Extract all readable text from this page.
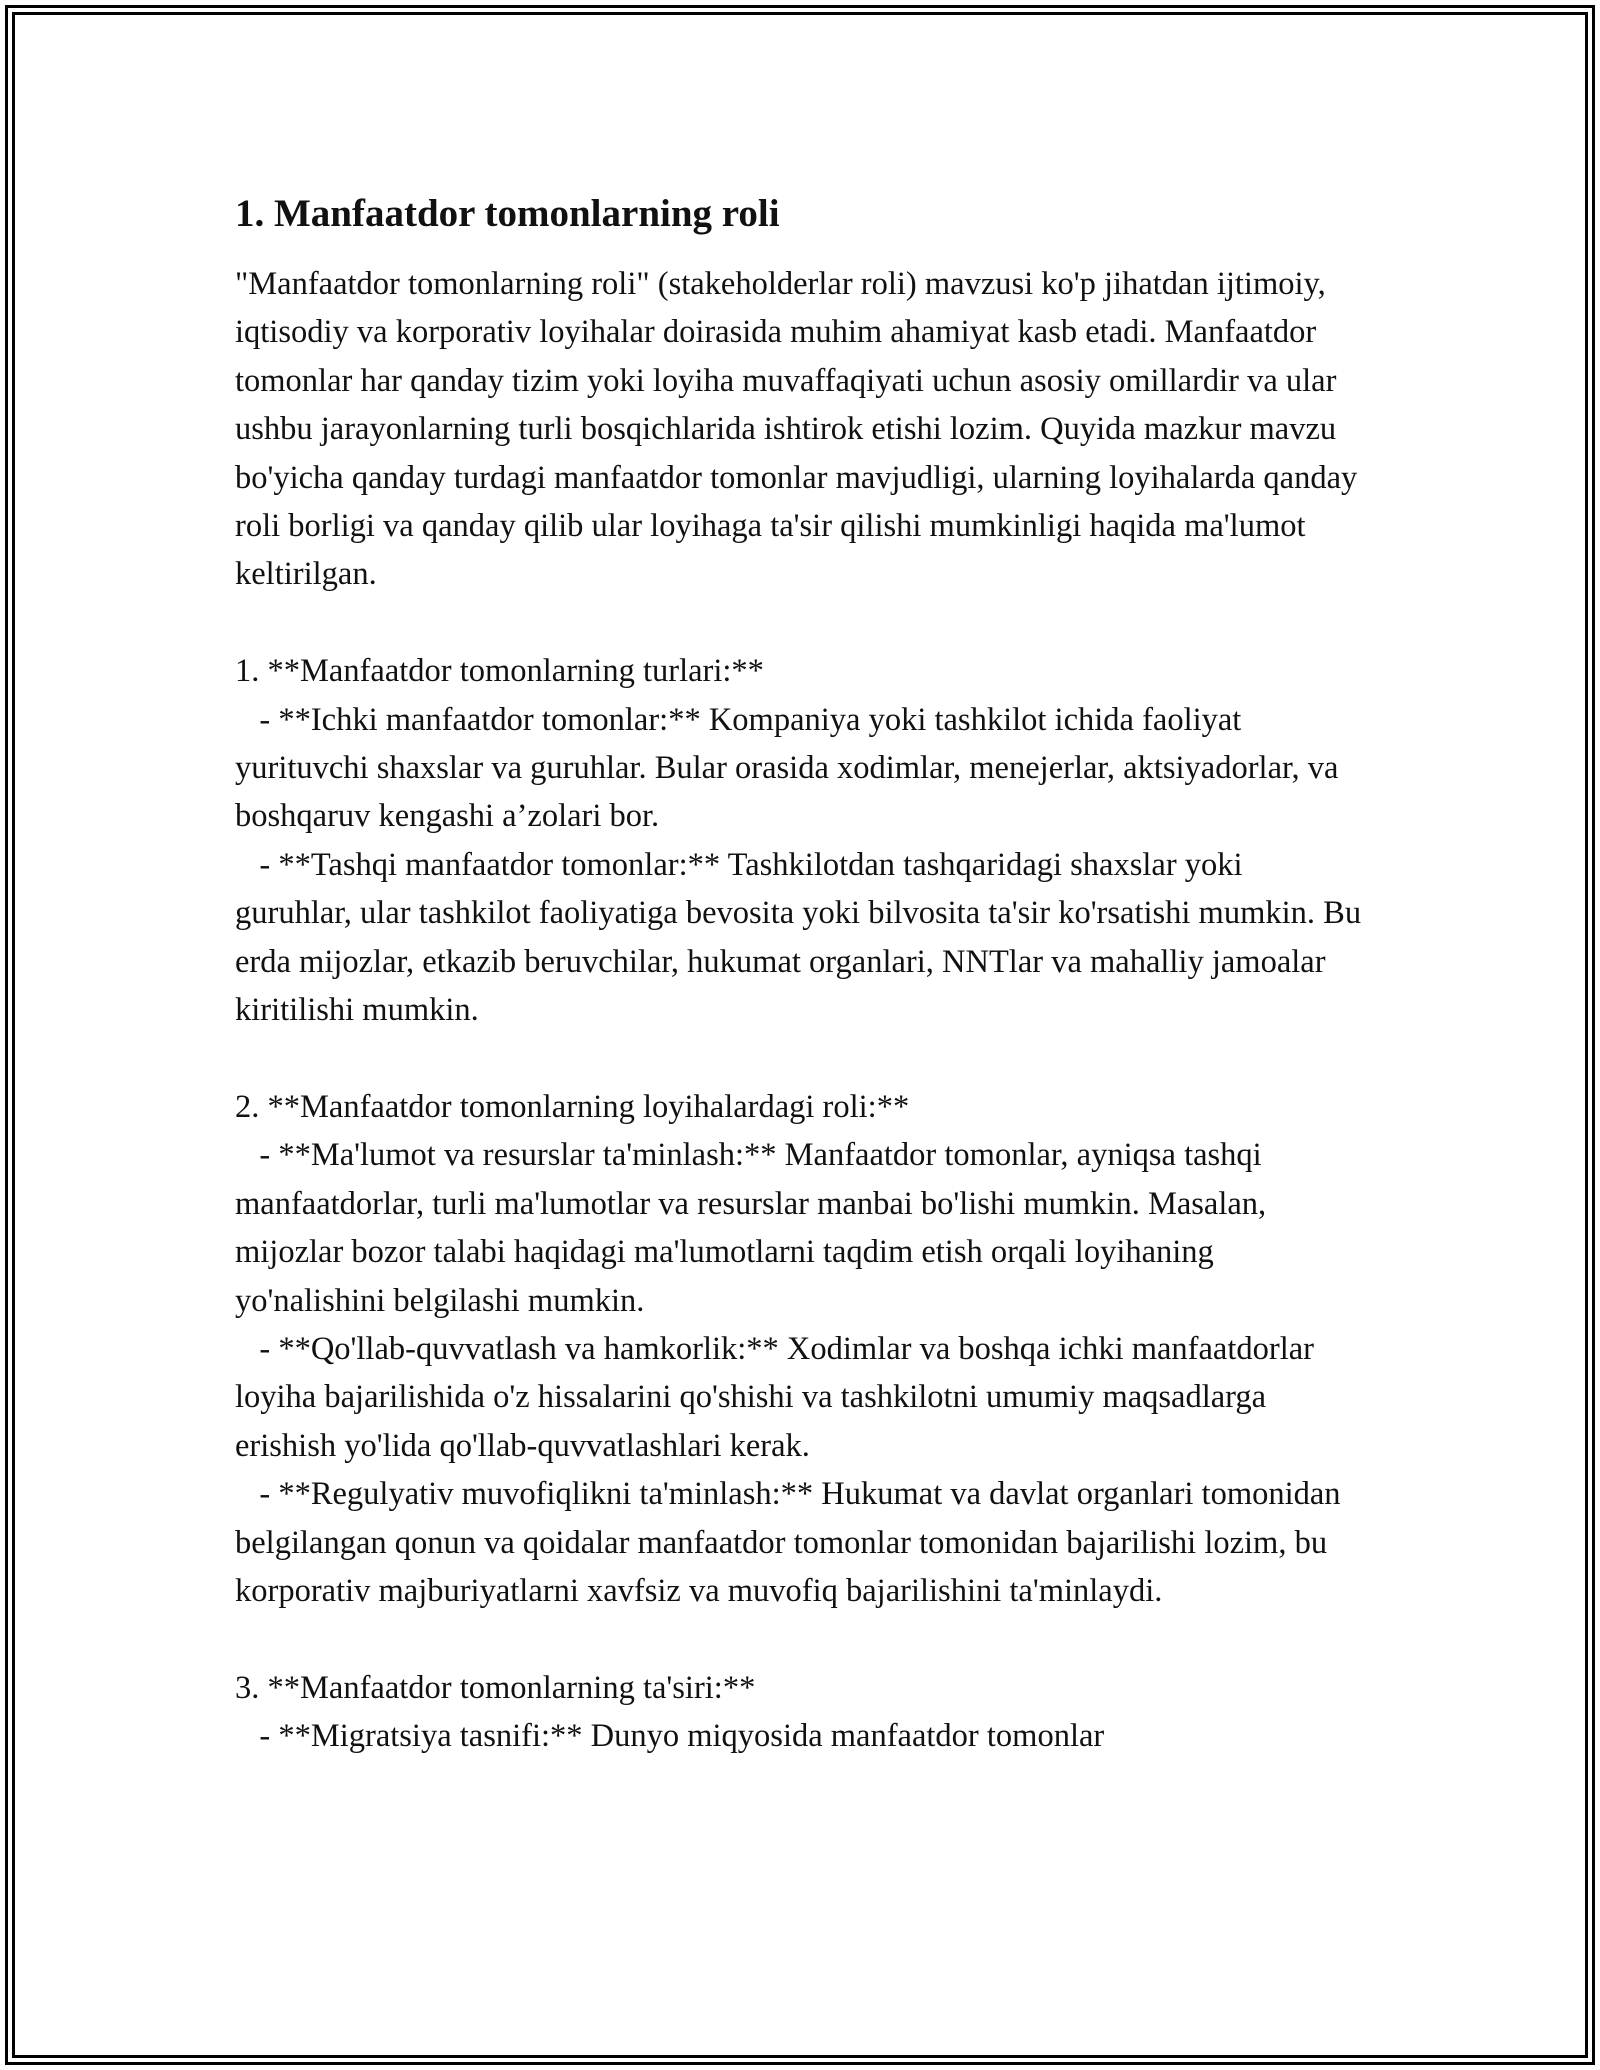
1. Manfaatdor tomonlarning roli

"Manfaatdor tomonlarning roli" (stakeholderlar roli) mavzusi ko'p jihatdan ijtimoiy, iqtisodiy va korporativ loyihalar doirasida muhim ahamiyat kasb etadi. Manfaatdor tomonlar har qanday tizim yoki loyiha muvaffaqiyati uchun asosiy omillardir va ular ushbu jarayonlarning turli bosqichlarida ishtirok etishi lozim. Quyida mazkur mavzu bo'yicha qanday turdagi manfaatdor tomonlar mavjudligi, ularning loyihalarda qanday roli borligi va qanday qilib ular loyihaga ta'sir qilishi mumkinligi haqida ma'lumot keltirilgan.

1. **Manfaatdor tomonlarning turlari:**

- **Ichki manfaatdor tomonlar:** Kompaniya yoki tashkilot ichida faoliyat yurituvchi shaxslar va guruhlar. Bular orasida xodimlar, menejerlar, aktsiyadorlar, va boshqaruv kengashi a’zolari bor.

- **Tashqi manfaatdor tomonlar:** Tashkilotdan tashqaridagi shaxslar yoki guruhlar, ular tashkilot faoliyatiga bevosita yoki bilvosita ta'sir ko'rsatishi mumkin. Bu erda mijozlar, etkazib beruvchilar, hukumat organlari, NNTlar va mahalliy jamoalar kiritilishi mumkin.

2. **Manfaatdor tomonlarning loyihalardagi roli:**

- **Ma'lumot va resurslar ta'minlash:** Manfaatdor tomonlar, ayniqsa tashqi manfaatdorlar, turli ma'lumotlar va resurslar manbai bo'lishi mumkin. Masalan, mijozlar bozor talabi haqidagi ma'lumotlarni taqdim etish orqali loyihaning yo'nalishini belgilashi mumkin.

- **Qo'llab-quvvatlash va hamkorlik:** Xodimlar va boshqa ichki manfaatdorlar loyiha bajarilishida o'z hissalarini qo'shishi va tashkilotni umumiy maqsadlarga erishish yo'lida qo'llab-quvvatlashlari kerak.

- **Regulyativ muvofiqlikni ta'minlash:** Hukumat va davlat organlari tomonidan belgilangan qonun va qoidalar manfaatdor tomonlar tomonidan bajarilishi lozim, bu korporativ majburiyatlarni xavfsiz va muvofiq bajarilishini ta'minlaydi.

3. **Manfaatdor tomonlarning ta'siri:**

- **Migratsiya tasnifi:** Dunyo miqyosida manfaatdor tomonlar
